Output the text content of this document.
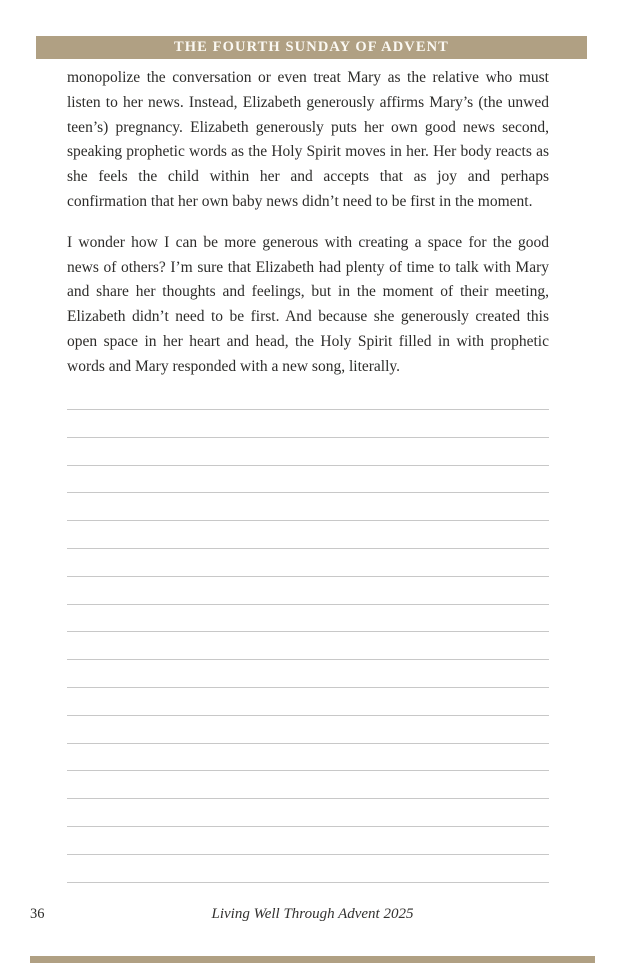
THE FOURTH SUNDAY OF ADVENT

monopolize the conversation or even treat Mary as the relative who must listen to her news. Instead, Elizabeth generously affirms Mary’s (the unwed teen’s) pregnancy. Elizabeth generously puts her own good news second, speaking prophetic words as the Holy Spirit moves in her. Her body reacts as she feels the child within her and accepts that as joy and perhaps confirmation that her own baby news didn’t need to be first in the moment.

I wonder how I can be more generous with creating a space for the good news of others? I’m sure that Elizabeth had plenty of time to talk with Mary and share her thoughts and feelings, but in the moment of their meeting, Elizabeth didn’t need to be first. And because she generously created this open space in her heart and head, the Holy Spirit filled in with prophetic words and Mary responded with a new song, literally.

36	Living Well Through Advent 2025
